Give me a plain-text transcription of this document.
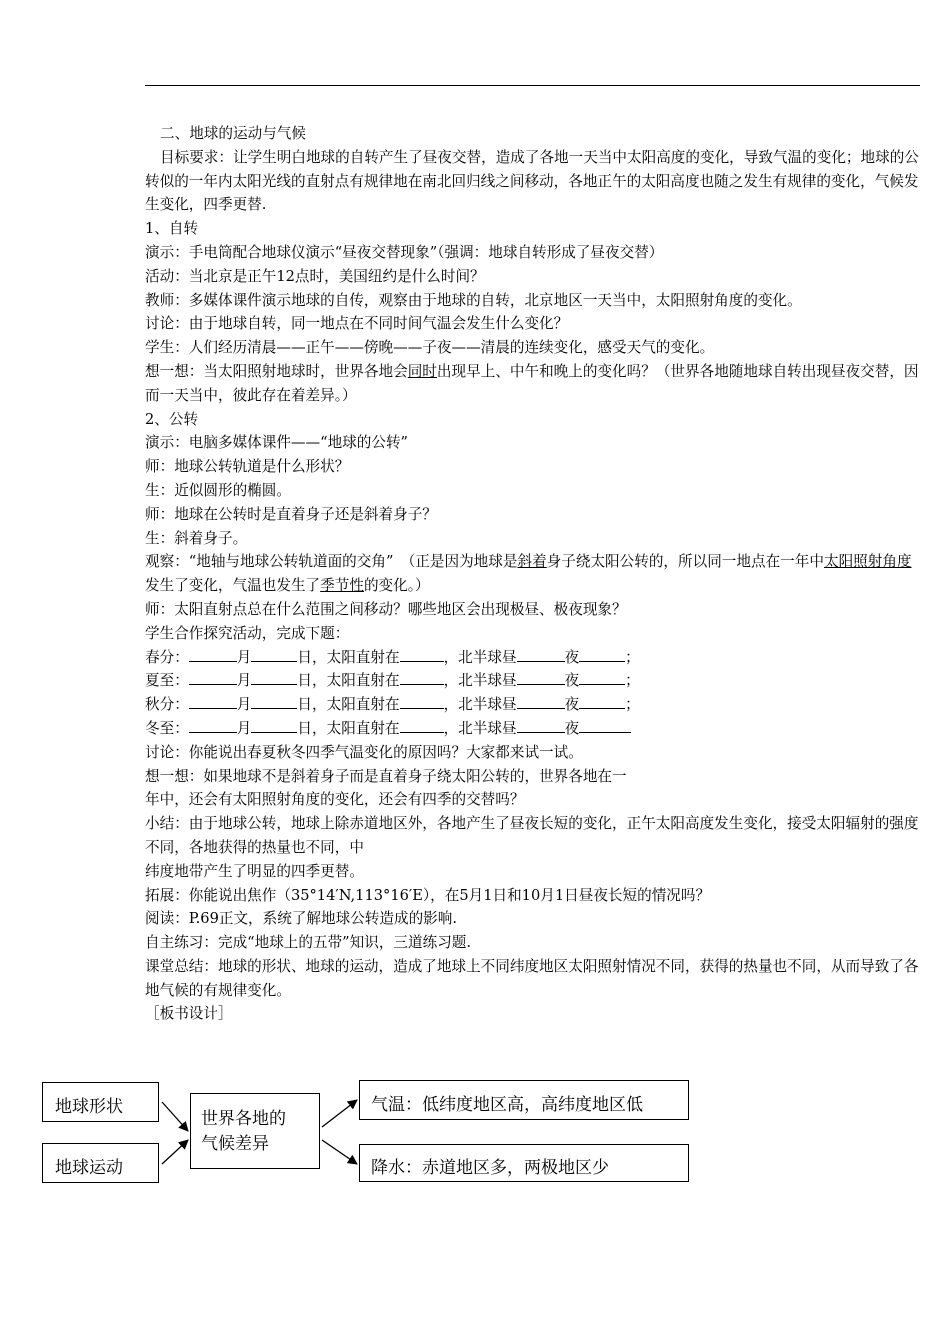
二、地球的运动与气候

目标要求：让学生明白地球的自转产生了昼夜交替，造成了各地一天当中太阳高度的变化，导致气温的变化；地球的公转似的一年内太阳光线的直射点有规律地在南北回归线之间移动，各地正午的太阳高度也随之发生有规律的变化，气候发生变化，四季更替.

1、自转

演示：手电筒配合地球仪演示“昼夜交替现象”（强调：地球自转形成了昼夜交替）

活动：当北京是正午12点时，美国纽约是什么时间？

教师：多媒体课件演示地球的自传，观察由于地球的自转，北京地区一天当中，太阳照射角度的变化。

讨论：由于地球自转，同一地点在不同时间气温会发生什么变化？

学生：人们经历清晨——正午——傍晚——子夜——清晨的连续变化，感受天气的变化。

想一想：当太阳照射地球时，世界各地会同时出现早上、中午和晚上的变化吗？（世界各地随地球自转出现昼夜交替，因而一天当中，彼此存在着差异。）

2、公转

演示：电脑多媒体课件——“地球的公转”

师：地球公转轨道是什么形状？

生：近似圆形的椭圆。

师：地球在公转时是直着身子还是斜着身子？

生：斜着身子。

观察：“地轴与地球公转轨道面的交角”　（正是因为地球是斜着身子绕太阳公转的，所以同一地点在一年中太阳照射角度发生了变化，气温也发生了季节性的变化。）

师：太阳直射点总在什么范围之间移动？哪些地区会出现极昼、极夜现象？

学生合作探究活动，完成下题：

春分：	月	日，太阳直射在	，北半球昼	夜	；

夏至：	月	日，太阳直射在	，北半球昼	夜	；

秋分：	月	日，太阳直射在	，北半球昼	夜	；

冬至：	月	日，太阳直射在	，北半球昼	夜

讨论：你能说出春夏秋冬四季气温变化的原因吗？大家都来试一试。

想一想：如果地球不是斜着身子而是直着身子绕太阳公转的，世界各地在一

年中，还会有太阳照射角度的变化，还会有四季的交替吗？

小结：由于地球公转，地球上除赤道地区外，各地产生了昼夜长短的变化，正午太阳高度发生变化，接受太阳辐射的强度不同，各地获得的热量也不同，中

纬度地带产生了明显的四季更替。

拓展：你能说出焦作（35°14′N,113°16′E），在5月1日和10月1日昼夜长短的情况吗？

阅读：P.69正文，系统了解地球公转造成的影响.

自主练习：完成“地球上的五带”知识，三道练习题.

课堂总结：地球的形状、地球的运动，造成了地球上不同纬度地区太阳照射情况不同，获得的热量也不同，从而导致了各地气候的有规律变化。

［板书设计］

地球形状
地球运动
世界各地的
气候差异
气温：低纬度地区高，高纬度地区低
降水：赤道地区多，两极地区少
